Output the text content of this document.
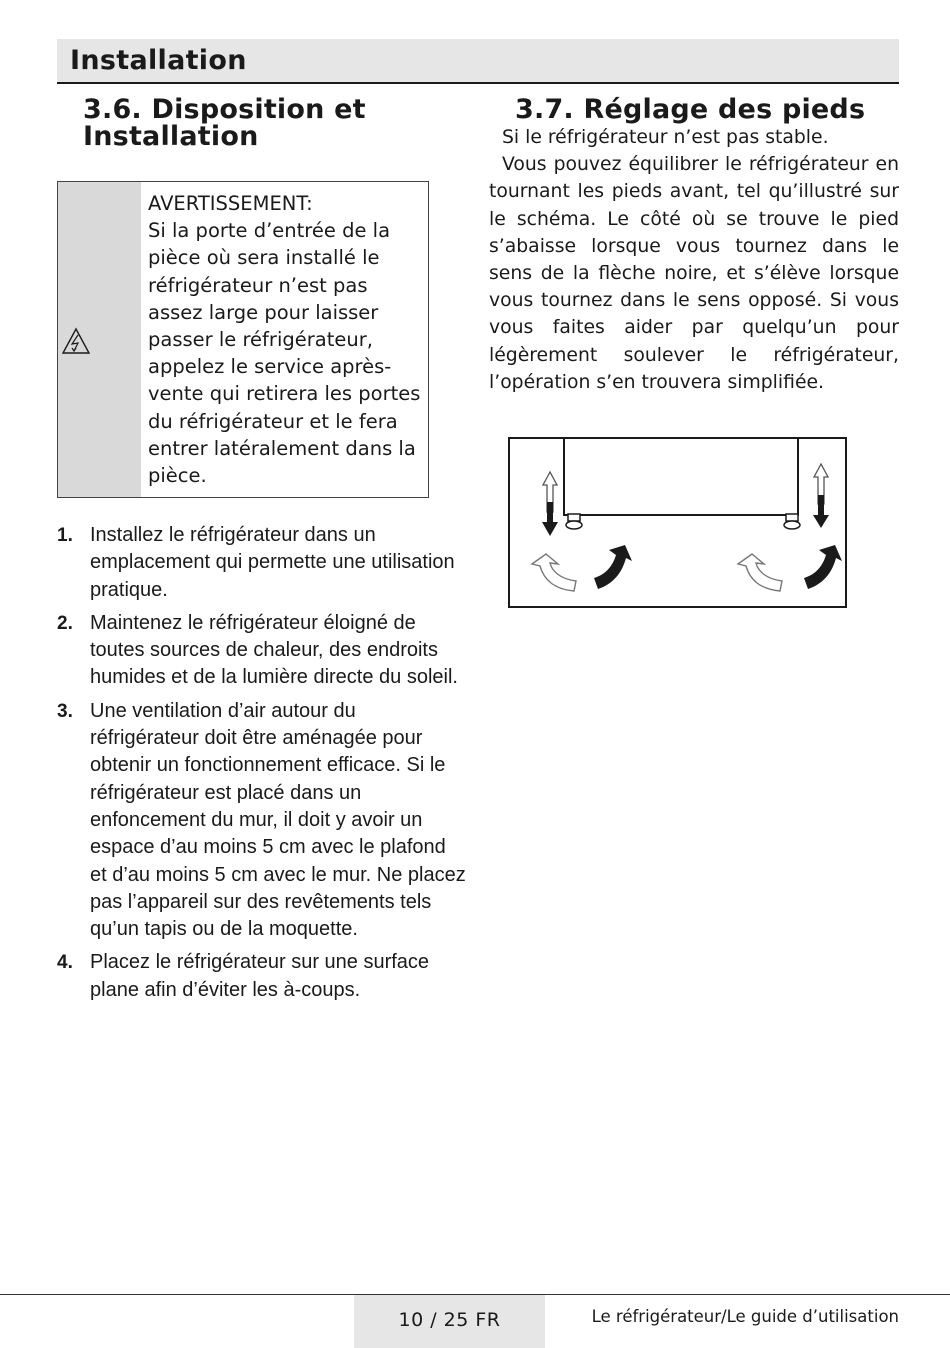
Installation
3.6. Disposition et Installation
3.7. Réglage des pieds
AVERTISSEMENT:
Si la porte d’entrée de la pièce où sera installé le réfrigérateur n’est pas assez large pour laisser passer le réfrigérateur, appelez le service après-vente qui retirera les portes du réfrigérateur et le fera entrer latéralement dans la pièce.
1. Installez le réfrigérateur dans un emplacement qui permette une utilisation pratique.
2. Maintenez le réfrigérateur éloigné de toutes sources de chaleur, des endroits humides et de la lumière directe du soleil.
3. Une ventilation d’air autour du réfrigérateur doit être aménagée pour obtenir un fonctionnement efficace. Si le réfrigérateur est placé dans un enfoncement du mur, il doit y avoir un espace d’au moins 5 cm avec le plafond et d’au moins 5 cm avec le mur. Ne placez pas l’appareil sur des revêtements tels qu’un tapis ou de la moquette.
4. Placez le réfrigérateur sur une surface plane afin d’éviter les à-coups.

Si le réfrigérateur n’est pas stable.

Vous pouvez équilibrer le réfrigérateur en tournant les pieds avant, tel qu’illustré sur le schéma. Le côté où se trouve le pied s’abaisse lorsque vous tournez dans le sens de la flèche noire, et s’élève lorsque vous tournez dans le sens opposé. Si vous vous faites aider par quelqu’un pour légèrement soulever le réfrigérateur, l’opération s’en trouvera simplifiée.

10 / 25 FR	Le réfrigérateur/Le guide d’utilisation
